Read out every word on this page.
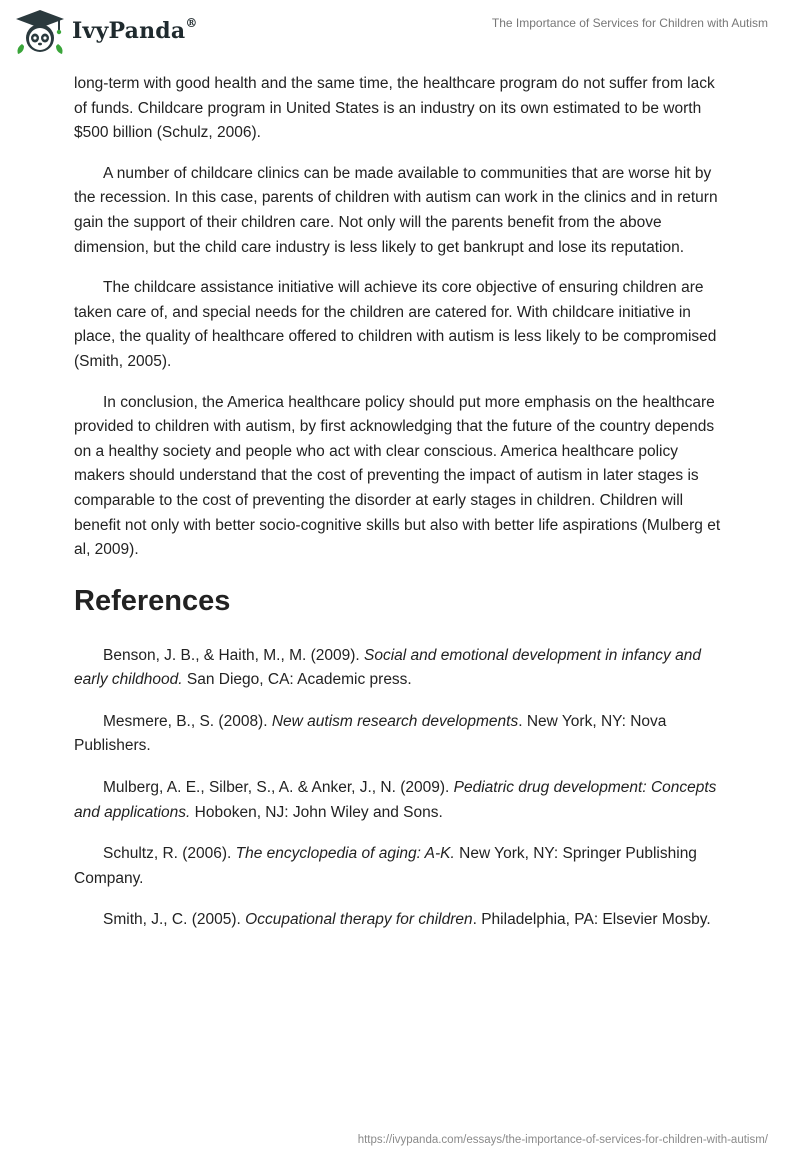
IvyPanda®	The Importance of Services for Children with Autism

long-term with good health and the same time, the healthcare program do not suffer from lack of funds. Childcare program in United States is an industry on its own estimated to be worth $500 billion (Schulz, 2006).

A number of childcare clinics can be made available to communities that are worse hit by the recession. In this case, parents of children with autism can work in the clinics and in return gain the support of their children care. Not only will the parents benefit from the above dimension, but the child care industry is less likely to get bankrupt and lose its reputation.

The childcare assistance initiative will achieve its core objective of ensuring children are taken care of, and special needs for the children are catered for. With childcare initiative in place, the quality of healthcare offered to children with autism is less likely to be compromised (Smith, 2005).

In conclusion, the America healthcare policy should put more emphasis on the healthcare provided to children with autism, by first acknowledging that the future of the country depends on a healthy society and people who act with clear conscious. America healthcare policy makers should understand that the cost of preventing the impact of autism in later stages is comparable to the cost of preventing the disorder at early stages in children. Children will benefit not only with better socio-cognitive skills but also with better life aspirations (Mulberg et al, 2009).

References
Benson, J. B., & Haith, M., M. (2009). Social and emotional development in infancy and early childhood. San Diego, CA: Academic press.
Mesmere, B., S. (2008). New autism research developments. New York, NY: Nova Publishers.
Mulberg, A. E., Silber, S., A. & Anker, J., N. (2009). Pediatric drug development: Concepts and applications. Hoboken, NJ: John Wiley and Sons.
Schultz, R. (2006). The encyclopedia of aging: A-K. New York, NY: Springer Publishing Company.
Smith, J., C. (2005). Occupational therapy for children. Philadelphia, PA: Elsevier Mosby.
https://ivypanda.com/essays/the-importance-of-services-for-children-with-autism/
